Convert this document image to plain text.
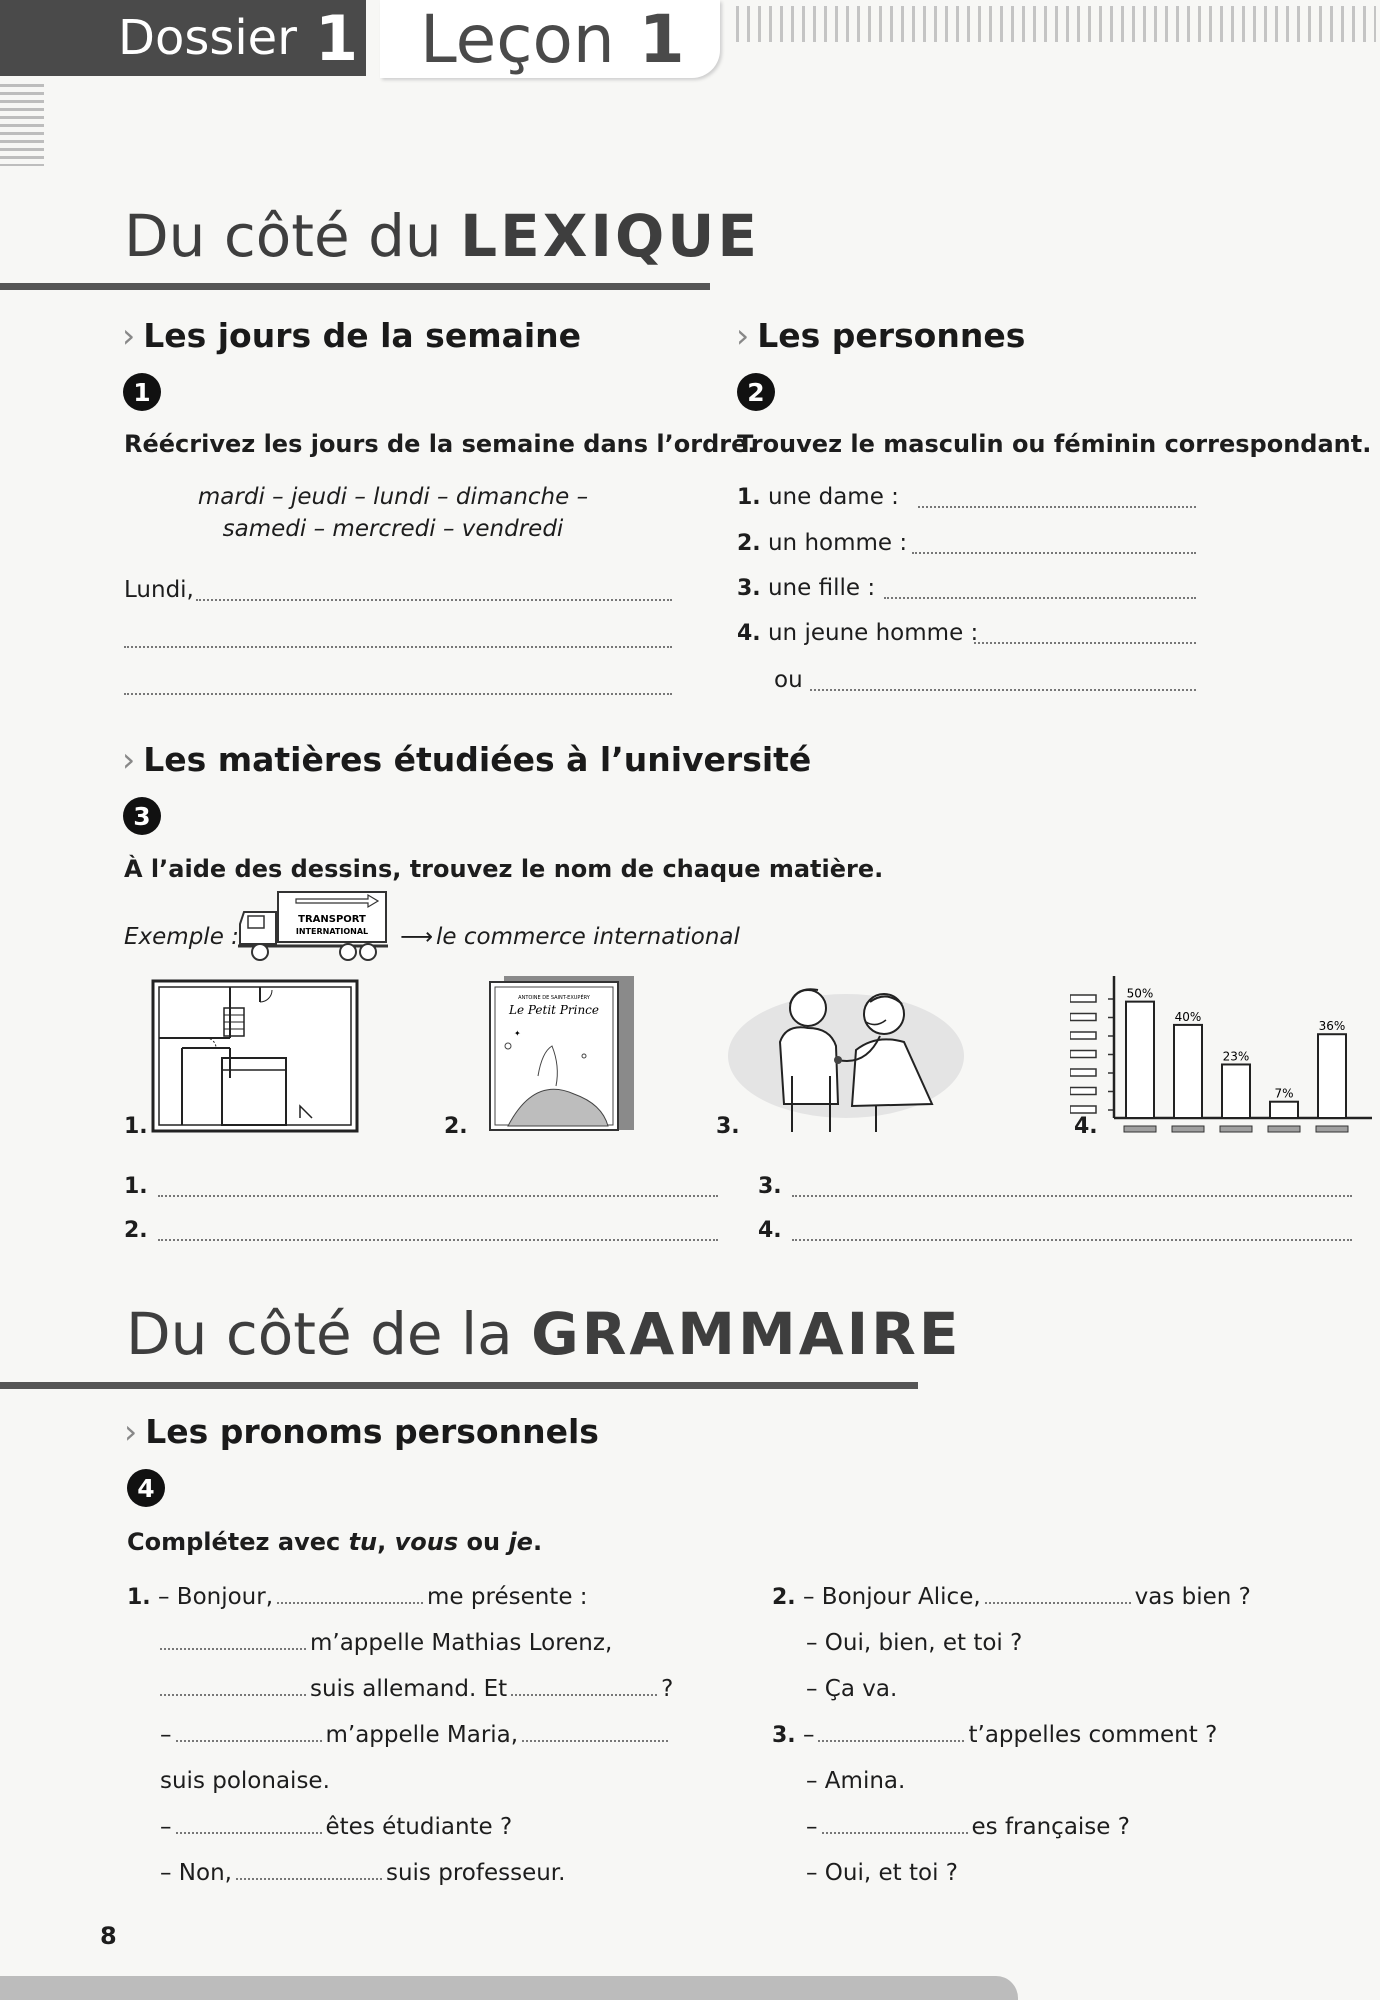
Dossier 1 Leçon 1
Du côté du LEXIQUE
› Les jours de la semaine
1
Réécrivez les jours de la semaine dans l’ordre.
mardi – jeudi – lundi – dimanche –
samedi – mercredi – vendredi
Lundi,
› Les personnes
2
Trouvez le masculin ou féminin correspondant.
1. une dame :
2. un homme :
3. une fille :
4. un jeune homme :
ou
› Les matières étudiées à l’université
3
À l’aide des dessins, trouvez le nom de chaque matière.
Exemple :
TRANSPORT
INTERNATIONAL ⟶ le commerce international
1.	2.
ANTOINE DE SAINT-EXUPÉRY
Le Petit Prince
✦
3.	4.
50%
40%
23%
7%
36%
1.
2.
3.
4.
Du côté de la GRAMMAIRE
› Les pronoms personnels
4
Complétez avec tu, vous ou je.
1. – Bonjour,	me présente :
m’appelle Mathias Lorenz,
suis allemand. Et	?
–	m’appelle Maria,
suis polonaise.
–	êtes étudiante ?
– Non,	suis professeur.
2. – Bonjour Alice,	vas bien ?
– Oui, bien, et toi ?
– Ça va.
3. –	t’appelles comment ?
– Amina.
–	es française ?
– Oui, et toi ?
8
